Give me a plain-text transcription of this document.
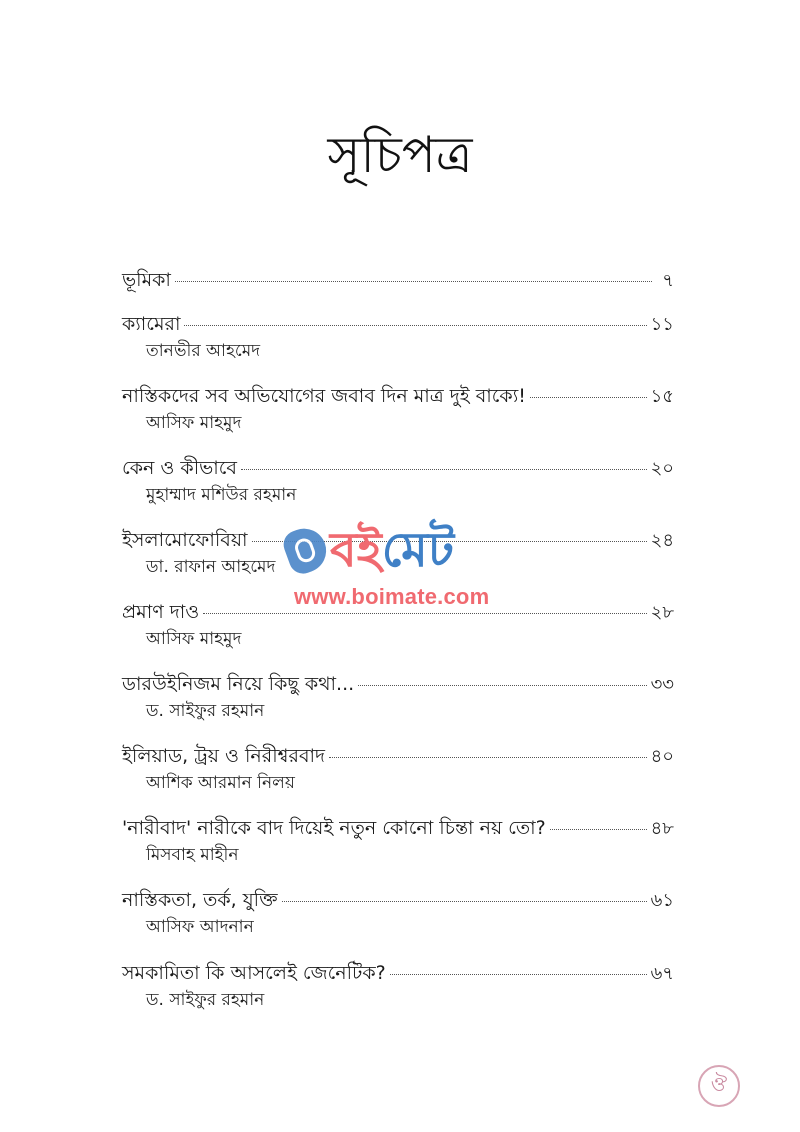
সূচিপত্র
ভূমিকা	৭
ক্যামেরা	১১
তানভীর আহমেদ
নাস্তিকদের সব অভিযোগের জবাব দিন মাত্র দুই বাক্যে!	১৫
আসিফ মাহমুদ
কেন ও কীভাবে	২০
মুহাম্মাদ মশিউর রহমান
ইসলামোফোবিয়া	২৪
ডা. রাফান আহমেদ
প্রমাণ দাও	২৮
আসিফ মাহমুদ
ডারউইনিজম নিয়ে কিছু কথা...	৩৩
ড. সাইফুর রহমান
ইলিয়াড, ট্রয় ও নিরীশ্বরবাদ	৪০
আশিক আরমান নিলয়
'নারীবাদ' নারীকে বাদ দিয়েই নতুন কোনো চিন্তা নয় তো?	৪৮
মিসবাহ মাহীন
নাস্তিকতা, তর্ক, যুক্তি	৬১
আসিফ আদনান
সমকামিতা কি আসলেই জেনেটিক?	৬৭
ড. সাইফুর রহমান
বই মেট
www.boimate.com
ঔ
